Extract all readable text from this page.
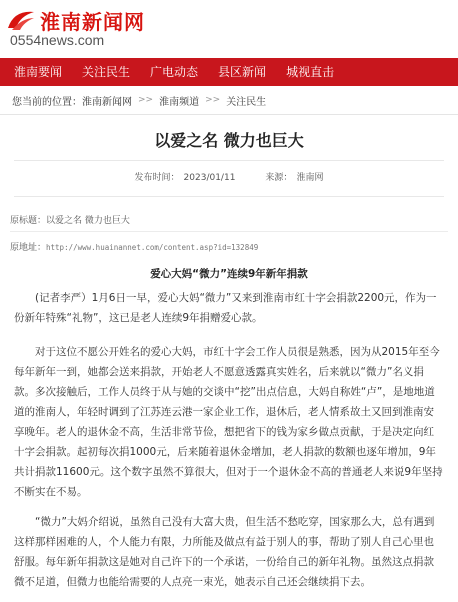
淮南新闻网
0554news.com
淮南要闻	关注民生	广电动态	县区新闻	城视直击
您当前的位置： 淮南新闻网 >> 淮南频道 >> 关注民生
以爱之名 微力也巨大
发布时间： 2023/01/11	来源： 淮南网
原标题：以爱之名 微力也巨大
原地址：http://www.huainannet.com/content.asp?id=132849
爱心大妈“微力”连续9年新年捐款

(记者李严）1月6日一早，爱心大妈“微力”又来到淮南市红十字会捐款2200元，作为一份新年特殊“礼物”，这已是老人连续9年捐赠爱心款。

对于这位不愿公开姓名的爱心大妈，市红十字会工作人员很是熟悉，因为从2015年至今每年新年一到，她都会送来捐款，开始老人不愿意透露真实姓名，后来就以“微力”名义捐款。多次接触后，工作人员终于从与她的交谈中“挖”出点信息，大妈自称姓“卢”，是地地道道的淮南人，年轻时调到了江苏连云港一家企业工作，退休后，老人情系故土又回到淮南安享晚年。老人的退休金不高，生活非常节俭，想把省下的钱为家乡做点贡献，于是决定向红十字会捐款。起初每次捐1000元，后来随着退休金增加，老人捐款的数额也逐年增加，9年共计捐款11600元。这个数字虽然不算很大，但对于一个退休金不高的普通老人来说9年坚持不断实在不易。

“微力”大妈介绍说，虽然自己没有大富大贵，但生活不愁吃穿，国家那么大，总有遇到这样那样困难的人，个人能力有限，力所能及做点有益于别人的事，帮助了别人自己心里也舒服。每年新年捐款这是她对自己许下的一个承诺，一份给自己的新年礼物。虽然这点捐款微不足道，但微力也能给需要的人点亮一束光，她表示自己还会继续捐下去。
